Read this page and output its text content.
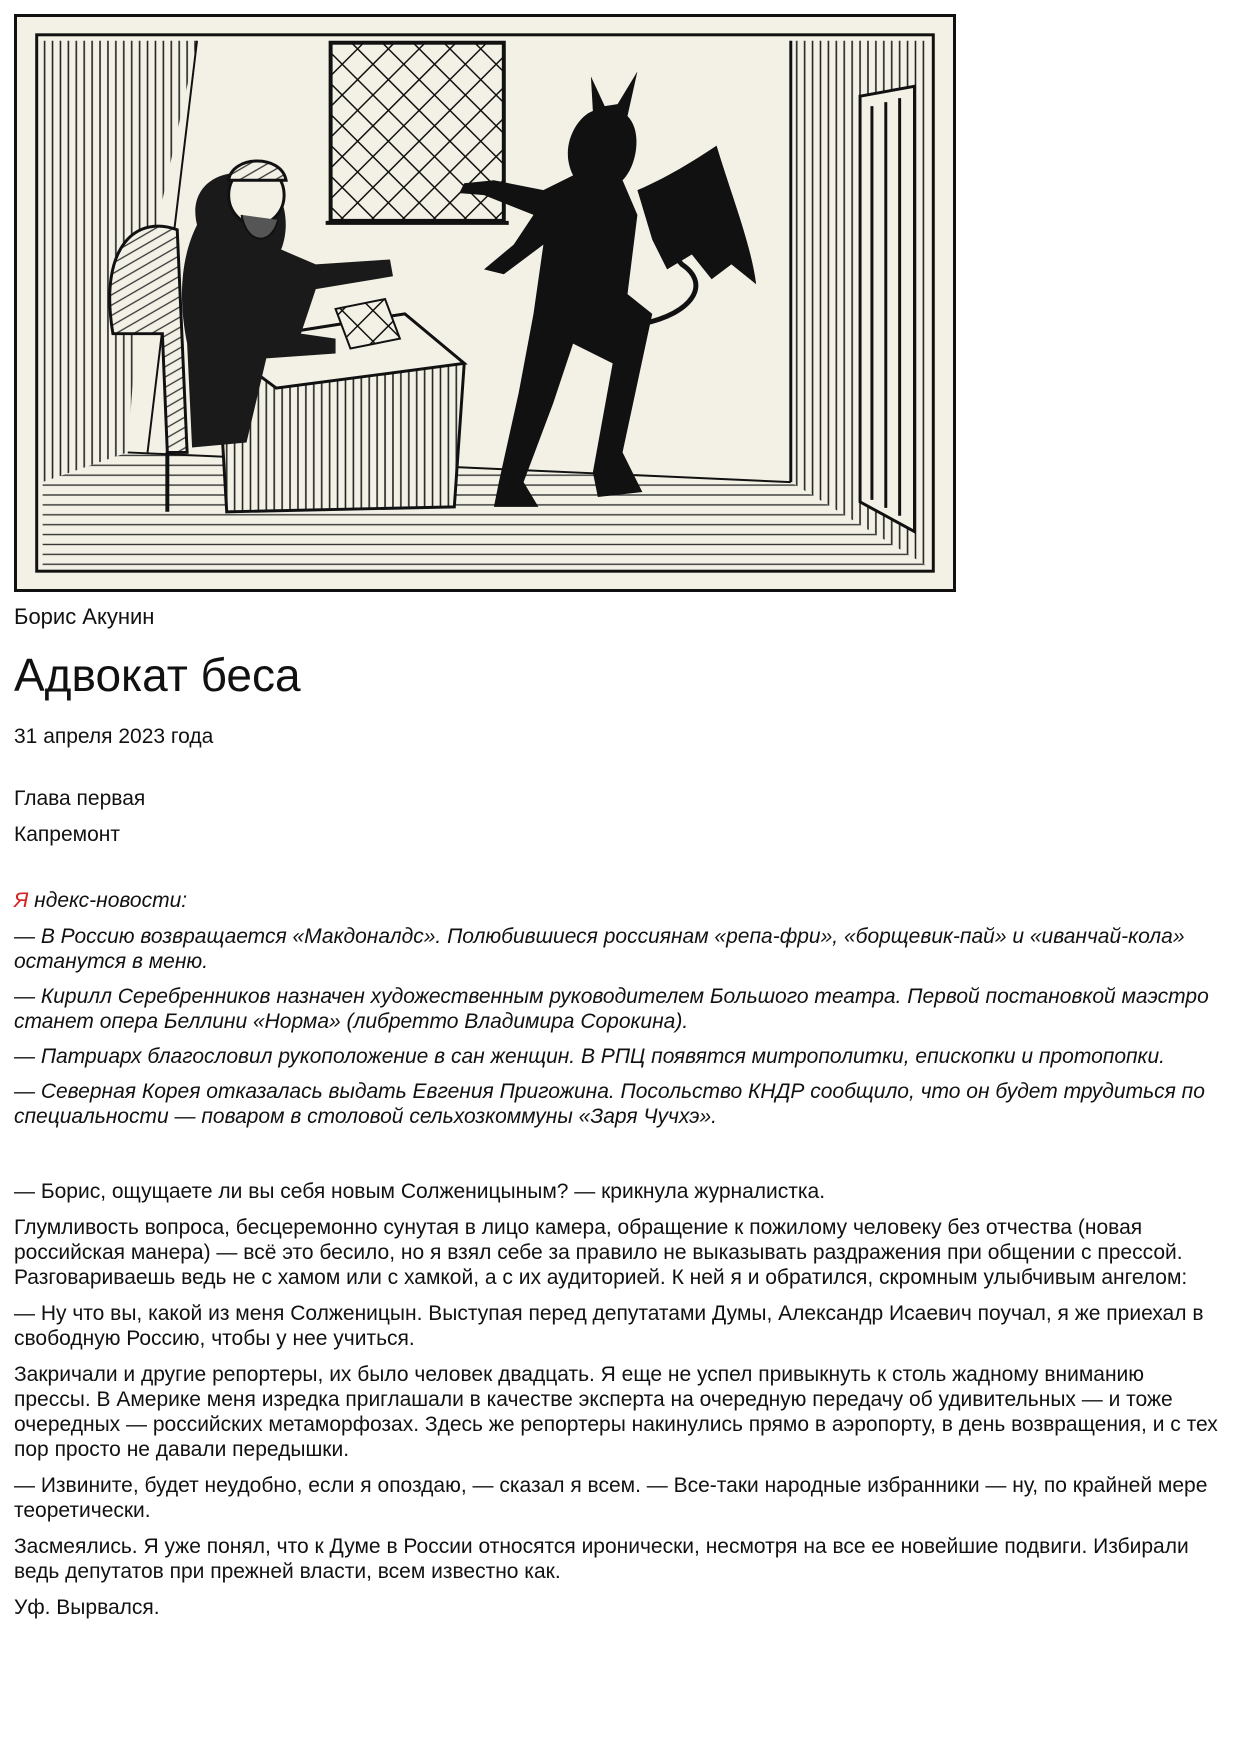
Борис Акунин
Адвокат беса
31 апреля 2023 года
Глава первая
Капремонт
Я ндекс-новости:
— В Россию возвращается «Макдоналдс». Полюбившиеся россиянам «репа-фри», «борщевик-пай» и «иванчай-кола» останутся в меню.
— Кирилл Серебренников назначен художественным руководителем Большого театра. Первой постановкой маэстро станет опера Беллини «Норма» (либретто Владимира Сорокина).
— Патриарх благословил рукоположение в сан женщин. В РПЦ появятся митрополитки, епископки и протопопки.
— Северная Корея отказалась выдать Евгения Пригожина. Посольство КНДР сообщило, что он будет трудиться по специальности — поваром в столовой сельхозкоммуны «Заря Чучхэ».
— Борис, ощущаете ли вы себя новым Солженицыным? — крикнула журналистка.
Глумливость вопроса, бесцеремонно сунутая в лицо камера, обращение к пожилому человеку без отчества (новая российская манера) — всё это бесило, но я взял себе за правило не выказывать раздражения при общении с прессой. Разговариваешь ведь не с хамом или с хамкой, а с их аудиторией. К ней я и обратился, скромным улыбчивым ангелом:
— Ну что вы, какой из меня Солженицын. Выступая перед депутатами Думы, Александр Исаевич поучал, я же приехал в свободную Россию, чтобы у нее учиться.
Закричали и другие репортеры, их было человек двадцать. Я еще не успел привыкнуть к столь жадному вниманию прессы. В Америке меня изредка приглашали в качестве эксперта на очередную передачу об удивительных — и тоже очередных — российских метаморфозах. Здесь же репортеры накинулись прямо в аэропорту, в день возвращения, и с тех пор просто не давали передышки.
— Извините, будет неудобно, если я опоздаю, — сказал я всем. — Все-таки народные избранники — ну, по крайней мере теоретически.
Засмеялись. Я уже понял, что к Думе в России относятся иронически, несмотря на все ее новейшие подвиги. Избирали ведь депутатов при прежней власти, всем известно как.
Уф. Вырвался.
